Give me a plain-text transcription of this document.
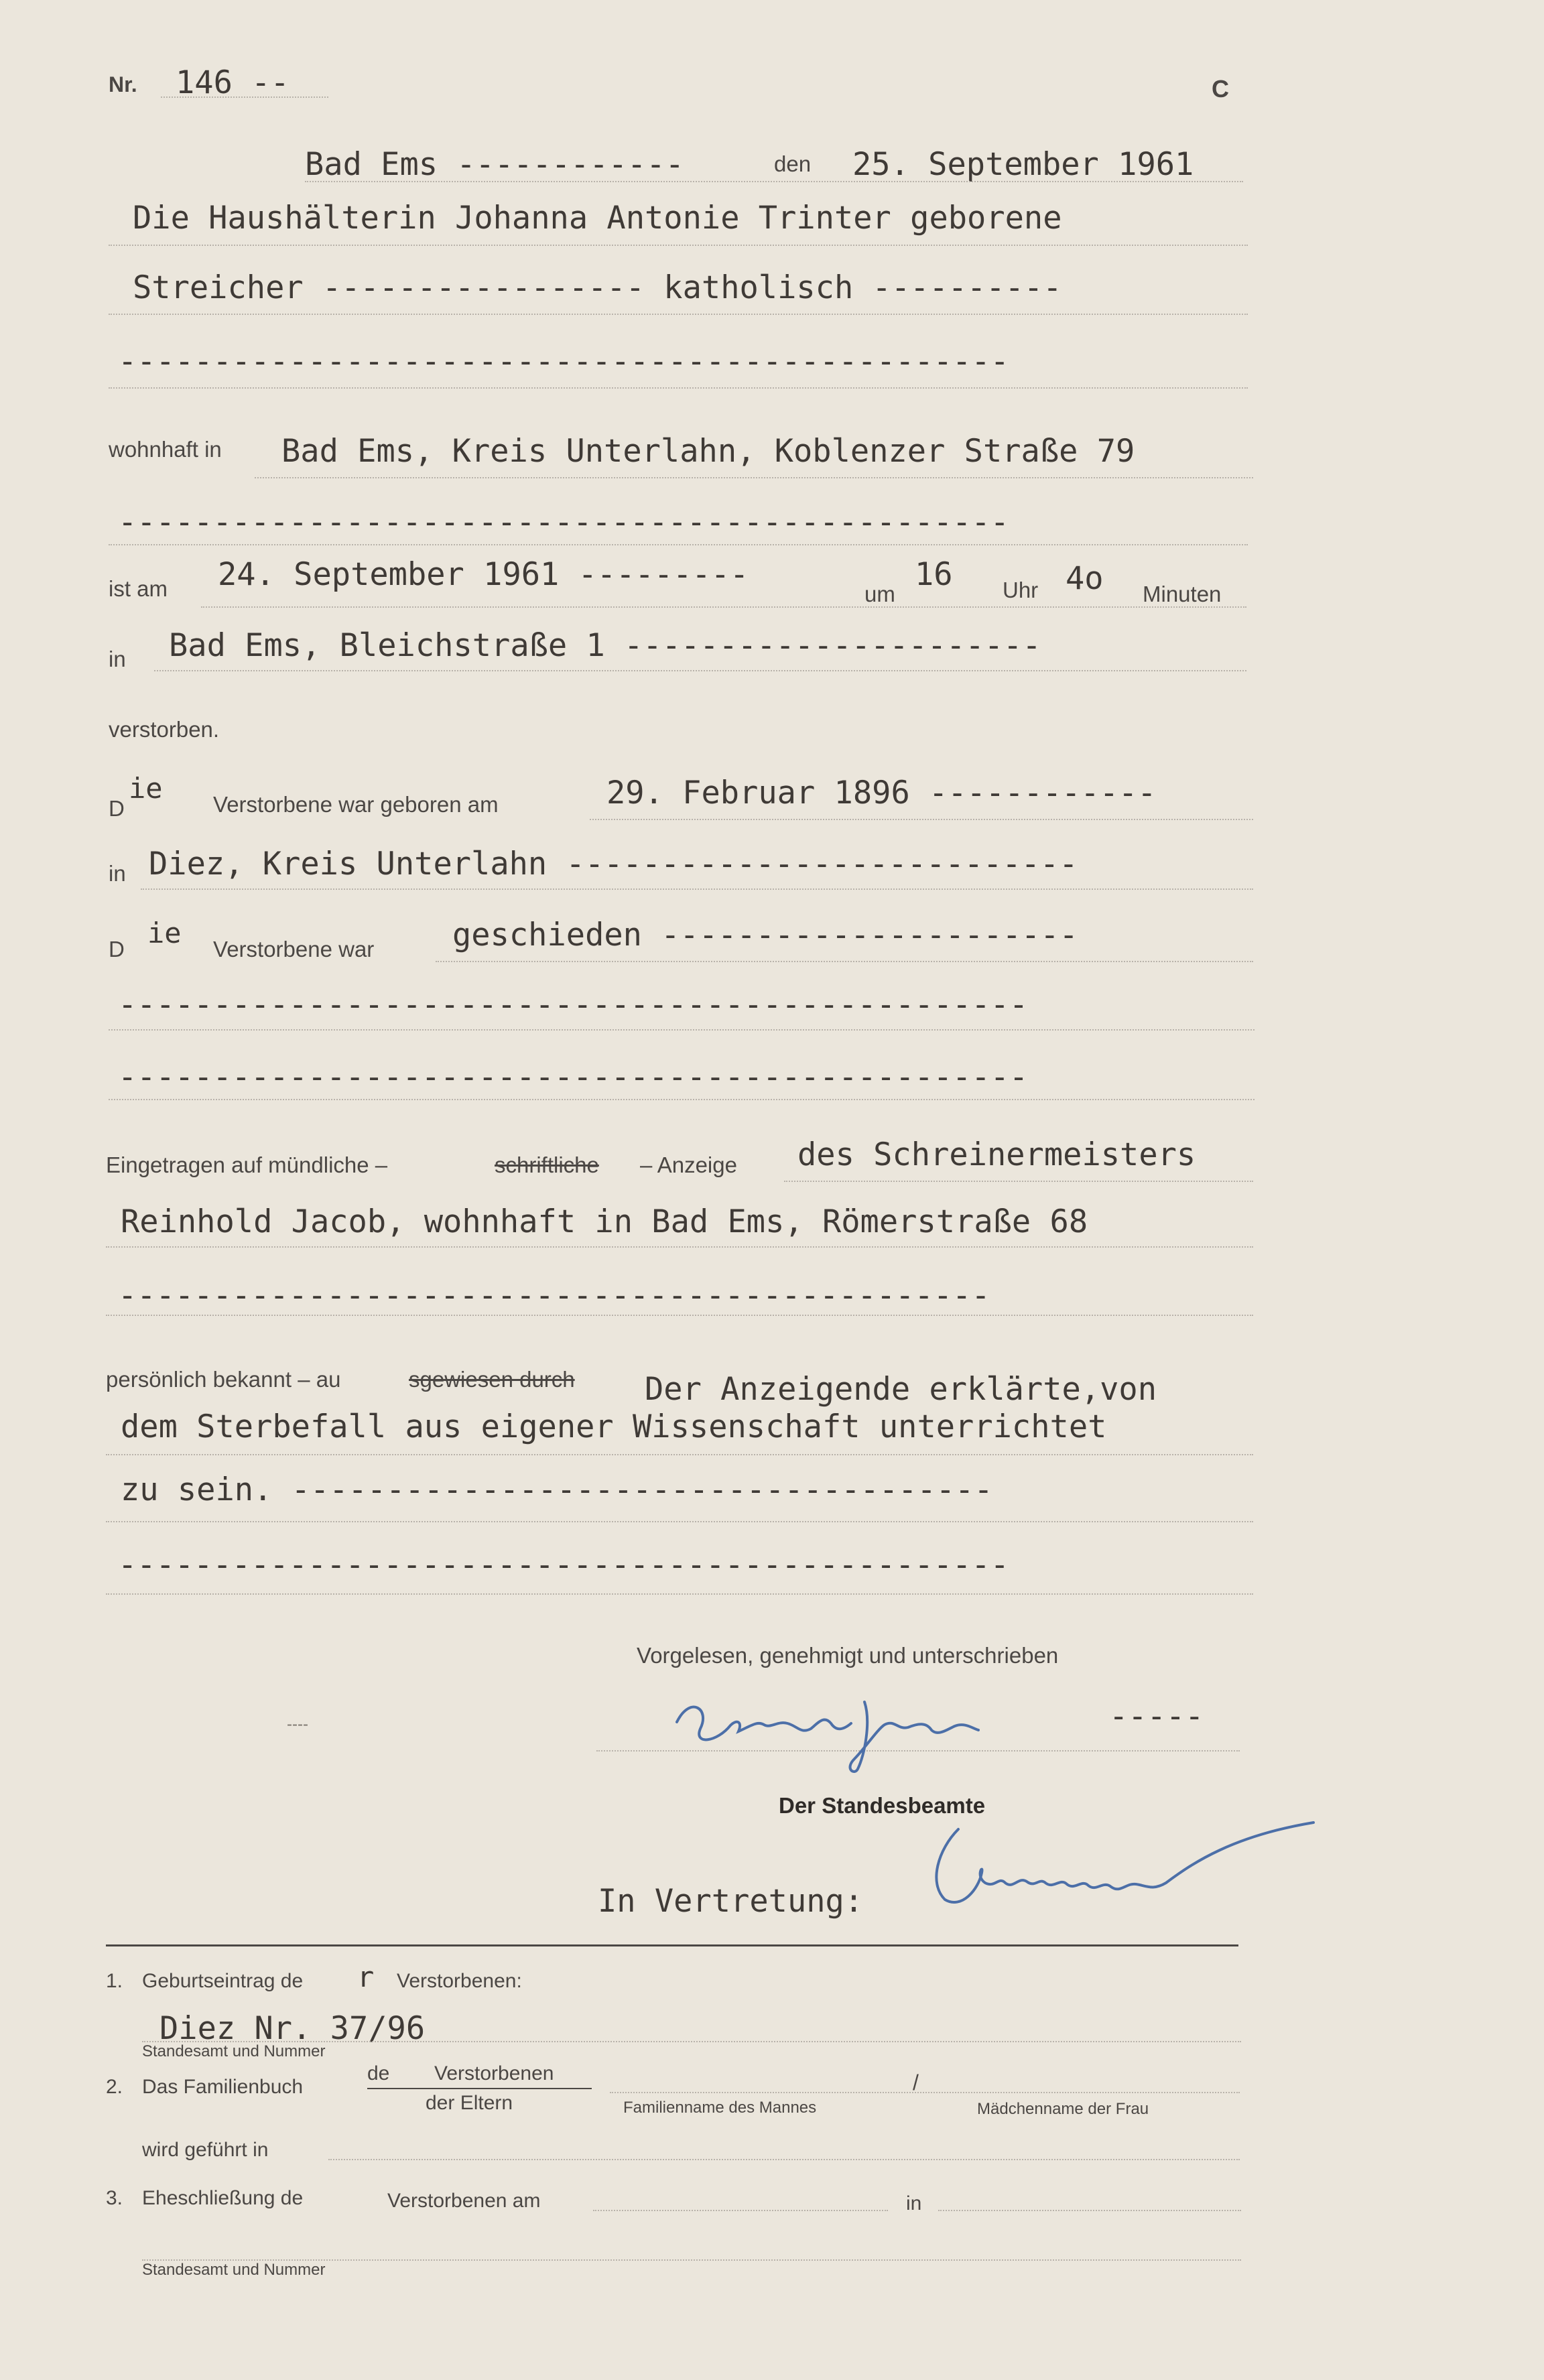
Nr. 146 --	C
Bad Ems ------------	den 25. September 1961
Die Haushälterin Johanna Antonie Trinter geborene
Streicher ----------------- katholisch ----------
-----------------------------------------------
wohnhaft in Bad Ems, Kreis Unterlahn, Koblenzer Straße 79
-----------------------------------------------
ist am 24. September 1961 ---------
um
16 Uhr 4o Minuten
in Bad Ems, Bleichstraße 1 ----------------------
verstorben.
D
ie Verstorbene war geboren am	29. Februar 1896 ------------
in Diez, Kreis Unterlahn ---------------------------
D ie Verstorbene war geschieden ----------------------
------------------------------------------------
------------------------------------------------
Eingetragen auf mündliche –	schriftliche – Anzeige des Schreinermeisters
Reinhold Jacob, wohnhaft in Bad Ems, Römerstraße 68
----------------------------------------------
persönlich bekannt – au	sgewiesen durch Der Anzeigende erklärte,von
dem Sterbefall aus eigener Wissenschaft unterrichtet
zu sein. -------------------------------------
-----------------------------------------------
Vorgelesen, genehmigt und unterschrieben
----	-----
Der Standesbeamte
In Vertretung:
1. Geburtseintrag de r Verstorbenen:
Diez Nr. 37/96
Standesamt und Nummer
2. Das Familienbuch
de Verstorbenen
der Eltern
/
Familienname des Mannes	Mädchenname der Frau
wird geführt in
3. Eheschließung de	Verstorbenen am	in
Standesamt und Nummer
